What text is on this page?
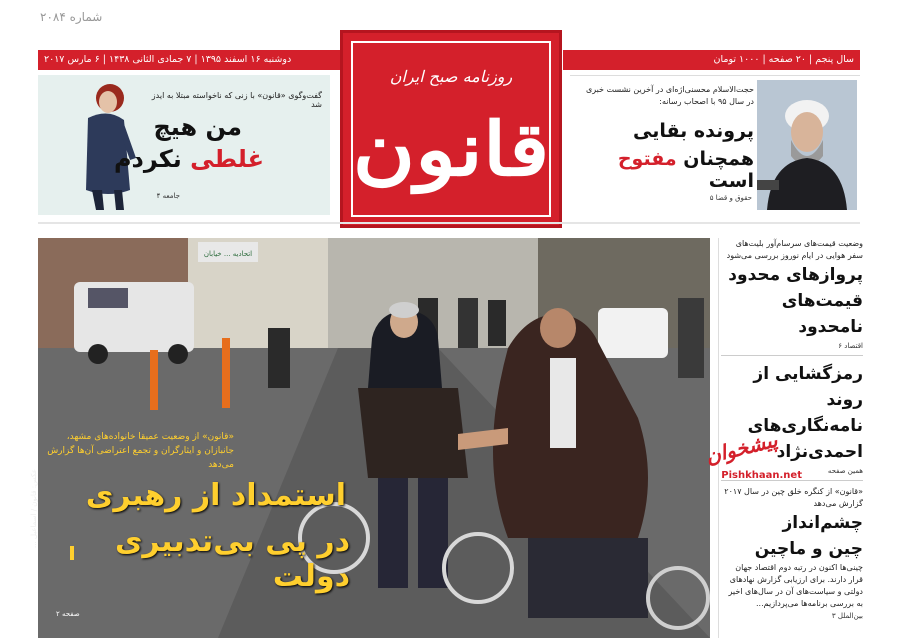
شماره ۲۰۸۴
دوشنبه ۱۶ اسفند ۱۳۹۵ | ۷ جمادی الثانی ۱۴۳۸ | ۶ مارس ۲۰۱۷	سال پنجم | ۲۰ صفحه | ۱۰۰۰ تومان
روزنامه صبح ایران
قانون
گفت‌وگوی «قانون» با زنی که ناخواسته مبتلا به ایدز شد
من هیچ
غلطی نکردم
جامعه ۴
حجت‌الاسلام محسنی‌اژه‌ای در آخرین نشست خبری در سال ۹۵ با اصحاب رسانه:
پرونده بقایی
همچنان مفتوح است
حقوق و قضا ۵
اتحادیه ... خیابان
«قانون» از وضعیت عمیقا خانواده‌های مشهد، جانبازان و ایثارگران و تجمع اعتراضی آن‌ها گزارش می‌دهد
استمداد از رهبری
در پی بی‌تدبیری دولت
صفحه ۲
عکس: قانون / اسماعیل ...
وضعیت قیمت‌های سرسام‌آور بلیت‌های سفر هوایی در ایام نوروز بررسی می‌شود
پروازهای محدود
قیمت‌های نامحدود
اقتصاد ۶
رمزگشایی از روند
نامه‌نگاری‌های
احمدی‌نژاد
همین صفحه
«قانون» از کنگره خلق چین در سال ۲۰۱۷ گزارش می‌دهد
چشم‌انداز
چین و ماچین
چینی‌ها اکنون در رتبه دوم اقتصاد جهان قرار دارند. برای ارزیابی گزارش نهادهای دولتی و سیاست‌های آن در سال‌های اخیر به بررسی برنامه‌ها می‌پردازیم...
بین‌الملل ۳
پیشخوان
Pishkhaan.net
